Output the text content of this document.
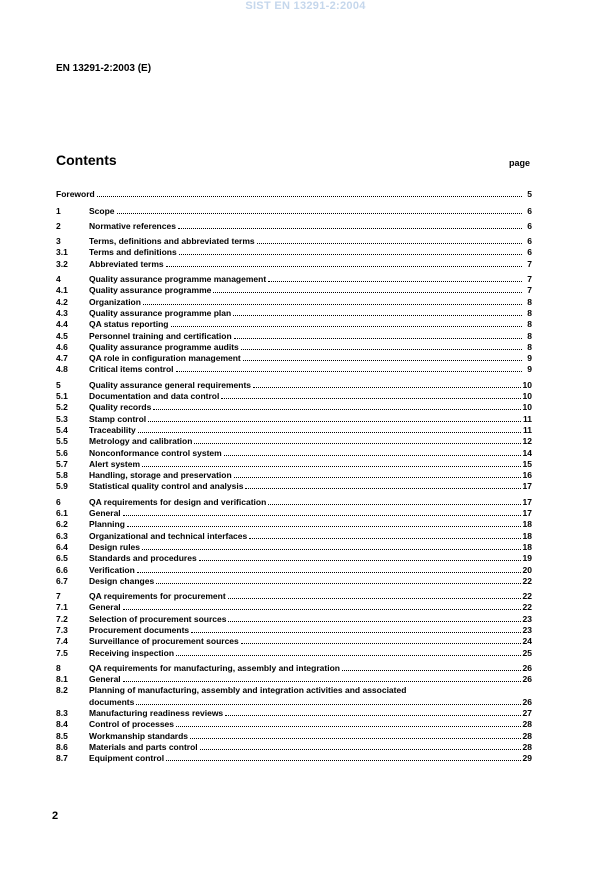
SIST EN 13291-2:2004
EN 13291-2:2003 (E)
Contents	page
Foreword	5
1	Scope	6
2	Normative references	6
3	Terms, definitions and abbreviated terms	6
3.1	Terms and definitions	6
3.2	Abbreviated terms	7
4	Quality assurance programme management	7
4.1	Quality assurance programme	7
4.2	Organization	8
4.3	Quality assurance programme plan	8
4.4	QA status reporting	8
4.5	Personnel training and certification	8
4.6	Quality assurance programme audits	8
4.7	QA role in configuration management	9
4.8	Critical items control	9
5	Quality assurance general requirements	10
5.1	Documentation and data control	10
5.2	Quality records	10
5.3	Stamp control	11
5.4	Traceability	11
5.5	Metrology and calibration	12
5.6	Nonconformance control system	14
5.7	Alert system	15
5.8	Handling, storage and preservation	16
5.9	Statistical quality control and analysis	17
6	QA requirements for design and verification	17
6.1	General	17
6.2	Planning	18
6.3	Organizational and technical interfaces	18
6.4	Design rules	18
6.5	Standards and procedures	19
6.6	Verification	20
6.7	Design changes	22
7	QA requirements for procurement	22
7.1	General	22
7.2	Selection of procurement sources	23
7.3	Procurement documents	23
7.4	Surveillance of procurement sources	24
7.5	Receiving inspection	25
8	QA requirements for manufacturing, assembly and integration	26
8.1	General	26
8.2	Planning of manufacturing, assembly and integration activities and associated
documents	26
8.3	Manufacturing readiness reviews	27
8.4	Control of processes	28
8.5	Workmanship standards	28
8.6	Materials and parts control	28
8.7	Equipment control	29
2
